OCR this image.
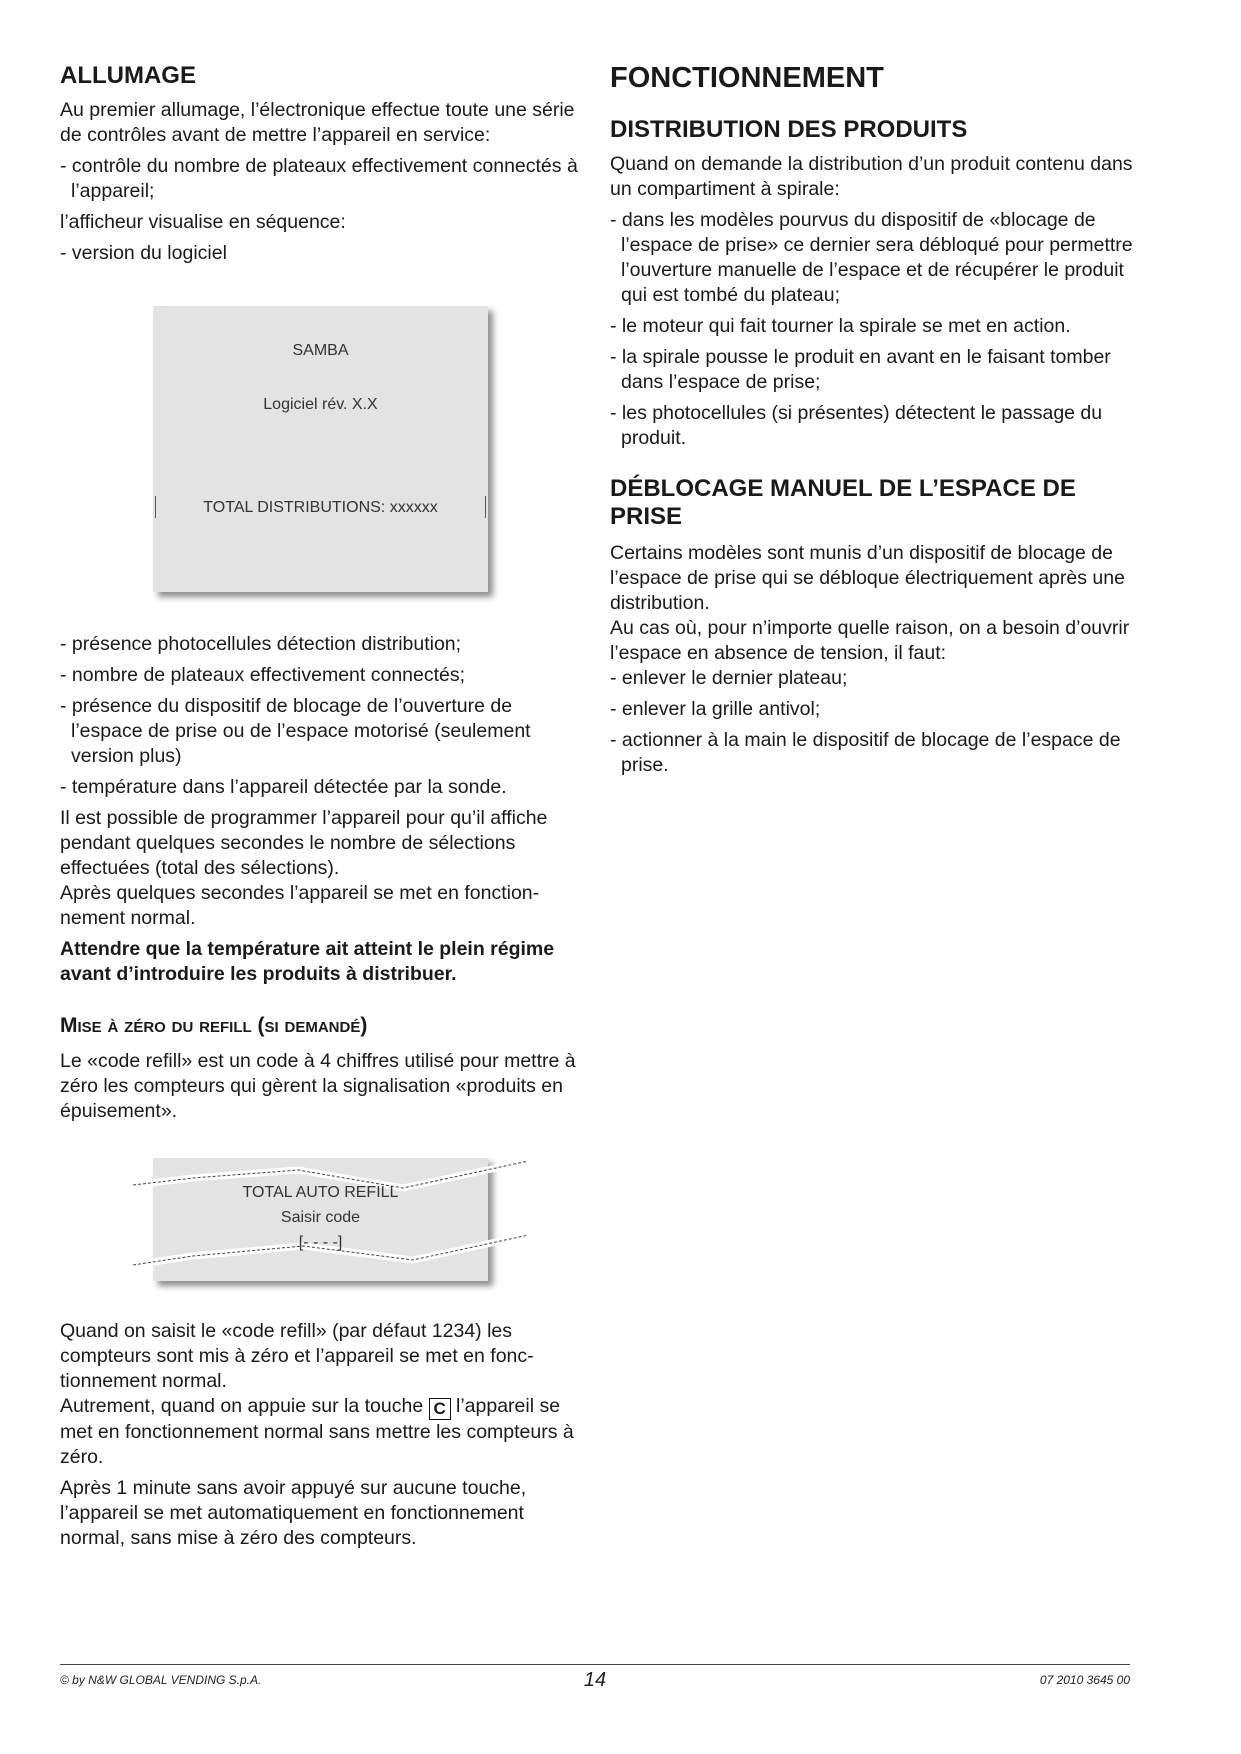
ALLUMAGE

Au premier allumage, l’électronique effectue toute une série de contrôles avant de mettre l’appareil en service:

- contrôle du nombre de plateaux effectivement connectés à l’appareil;

l’afficheur visualise en séquence:

- version du logiciel

SAMBA
Logiciel rév. X.X
TOTAL DISTRIBUTIONS: xxxxxx

- présence photocellules détection distribution;

- nombre de plateaux effectivement connectés;

- présence du dispositif de blocage de l’ouverture de l’espace de prise ou de l’espace motorisé (seulement version plus)

- température dans l’appareil détectée par la sonde.

Il est possible de programmer l’appareil pour qu’il affiche pendant quelques secondes le nombre de sélections effectuées (total des sélections).

Après quelques secondes l’appareil se met en fonctionnement normal.

Attendre que la température ait atteint le plein régime avant d’introduire les produits à distribuer.

Mise à zéro du refill (si demandé)

Le «code refill» est un code à 4 chiffres utilisé pour mettre à zéro les compteurs qui gèrent la signalisation «produits en épuisement».

TOTAL AUTO REFILL
Saisir code
[- - - -]

Quand on saisit le «code refill» (par défaut 1234) les compteurs sont mis à zéro et l’appareil se met en fonctionnement normal.

Autrement, quand on appuie sur la touche C l’appareil se met en fonctionnement normal sans mettre les compteurs à zéro.

Après 1 minute sans avoir appuyé sur aucune touche, l’appareil se met automatiquement en fonctionnement normal, sans mise à zéro des compteurs.

FONCTIONNEMENT
DISTRIBUTION DES PRODUITS

Quand on demande la distribution d’un produit contenu dans un compartiment à spirale:

- dans les modèles pourvus du dispositif de «blocage de l’espace de prise» ce dernier sera débloqué pour permettre l’ouverture manuelle de l’espace et de récupérer le produit qui est tombé du plateau;

- le moteur qui fait tourner la spirale se met en action.

- la spirale pousse le produit en avant en le faisant tomber dans l’espace de prise;

- les photocellules (si présentes) détectent le passage du produit.

DÉBLOCAGE MANUEL DE L’ESPACE DE PRISE

Certains modèles sont munis d’un dispositif de blocage de l’espace de prise qui se débloque électriquement après une distribution.

Au cas où, pour n’importe quelle raison, on a besoin d’ouvrir l’espace en absence de tension, il faut:

- enlever le dernier plateau;

- enlever la grille antivol;

- actionner à la main le dispositif de blocage de l’espace de prise.

© by N&W GLOBAL VENDING S.p.A.	14	07 2010 3645 00
